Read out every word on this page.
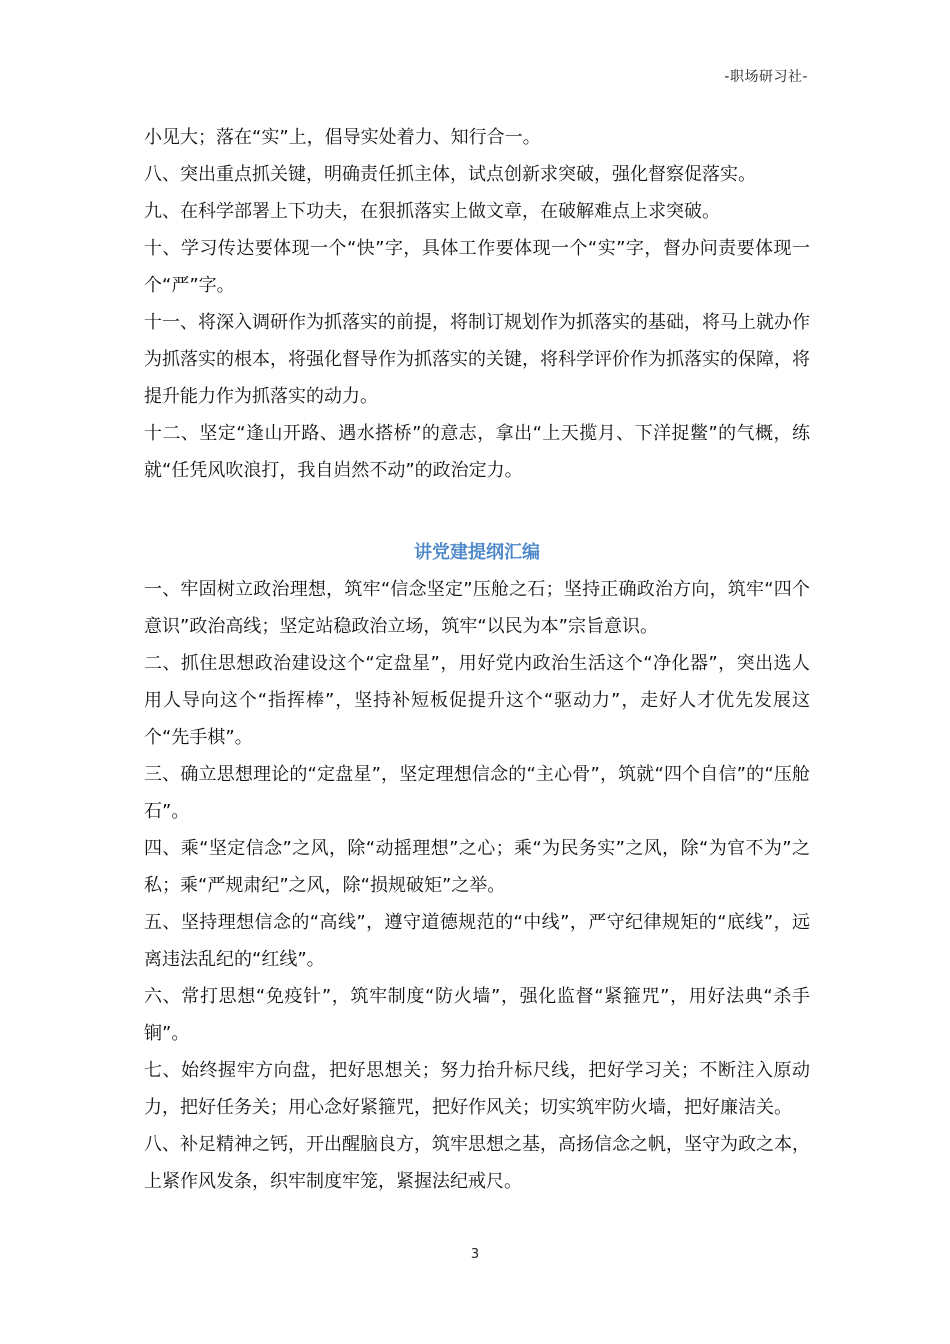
-职场研习社-

小见大；落在“实”上，倡导实处着力、知行合一。

八、突出重点抓关键，明确责任抓主体，试点创新求突破，强化督察促落实。

九、在科学部署上下功夫，在狠抓落实上做文章，在破解难点上求突破。

十、学习传达要体现一个“快”字，具体工作要体现一个“实”字，督办问责要体现一个“严”字。

十一、将深入调研作为抓落实的前提，将制订规划作为抓落实的基础，将马上就办作为抓落实的根本，将强化督导作为抓落实的关键，将科学评价作为抓落实的保障，将提升能力作为抓落实的动力。

十二、坚定“逢山开路、遇水搭桥”的意志，拿出“上天揽月、下洋捉鳖”的气概，练就“任凭风吹浪打，我自岿然不动”的政治定力。

讲党建提纲汇编

一、牢固树立政治理想，筑牢“信念坚定”压舱之石；坚持正确政治方向，筑牢“四个意识”政治高线；坚定站稳政治立场，筑牢“以民为本”宗旨意识。

二、抓住思想政治建设这个“定盘星”，用好党内政治生活这个“净化器”，突出选人用人导向这个“指挥棒”，坚持补短板促提升这个“驱动力”，走好人才优先发展这个“先手棋”。

三、确立思想理论的“定盘星”，坚定理想信念的“主心骨”，筑就“四个自信”的“压舱石”。

四、乘“坚定信念”之风，除“动摇理想”之心；乘“为民务实”之风，除“为官不为”之私；乘“严规肃纪”之风，除“损规破矩”之举。

五、坚持理想信念的“高线”，遵守道德规范的“中线”，严守纪律规矩的“底线”，远离违法乱纪的“红线”。

六、常打思想“免疫针”，筑牢制度“防火墙”，强化监督“紧箍咒”，用好法典“杀手锏”。

七、始终握牢方向盘，把好思想关；努力抬升标尺线，把好学习关；不断注入原动力，把好任务关；用心念好紧箍咒，把好作风关；切实筑牢防火墙，把好廉洁关。

八、补足精神之钙，开出醒脑良方，筑牢思想之基，高扬信念之帆，坚守为政之本，上紧作风发条，织牢制度牢笼，紧握法纪戒尺。

3
